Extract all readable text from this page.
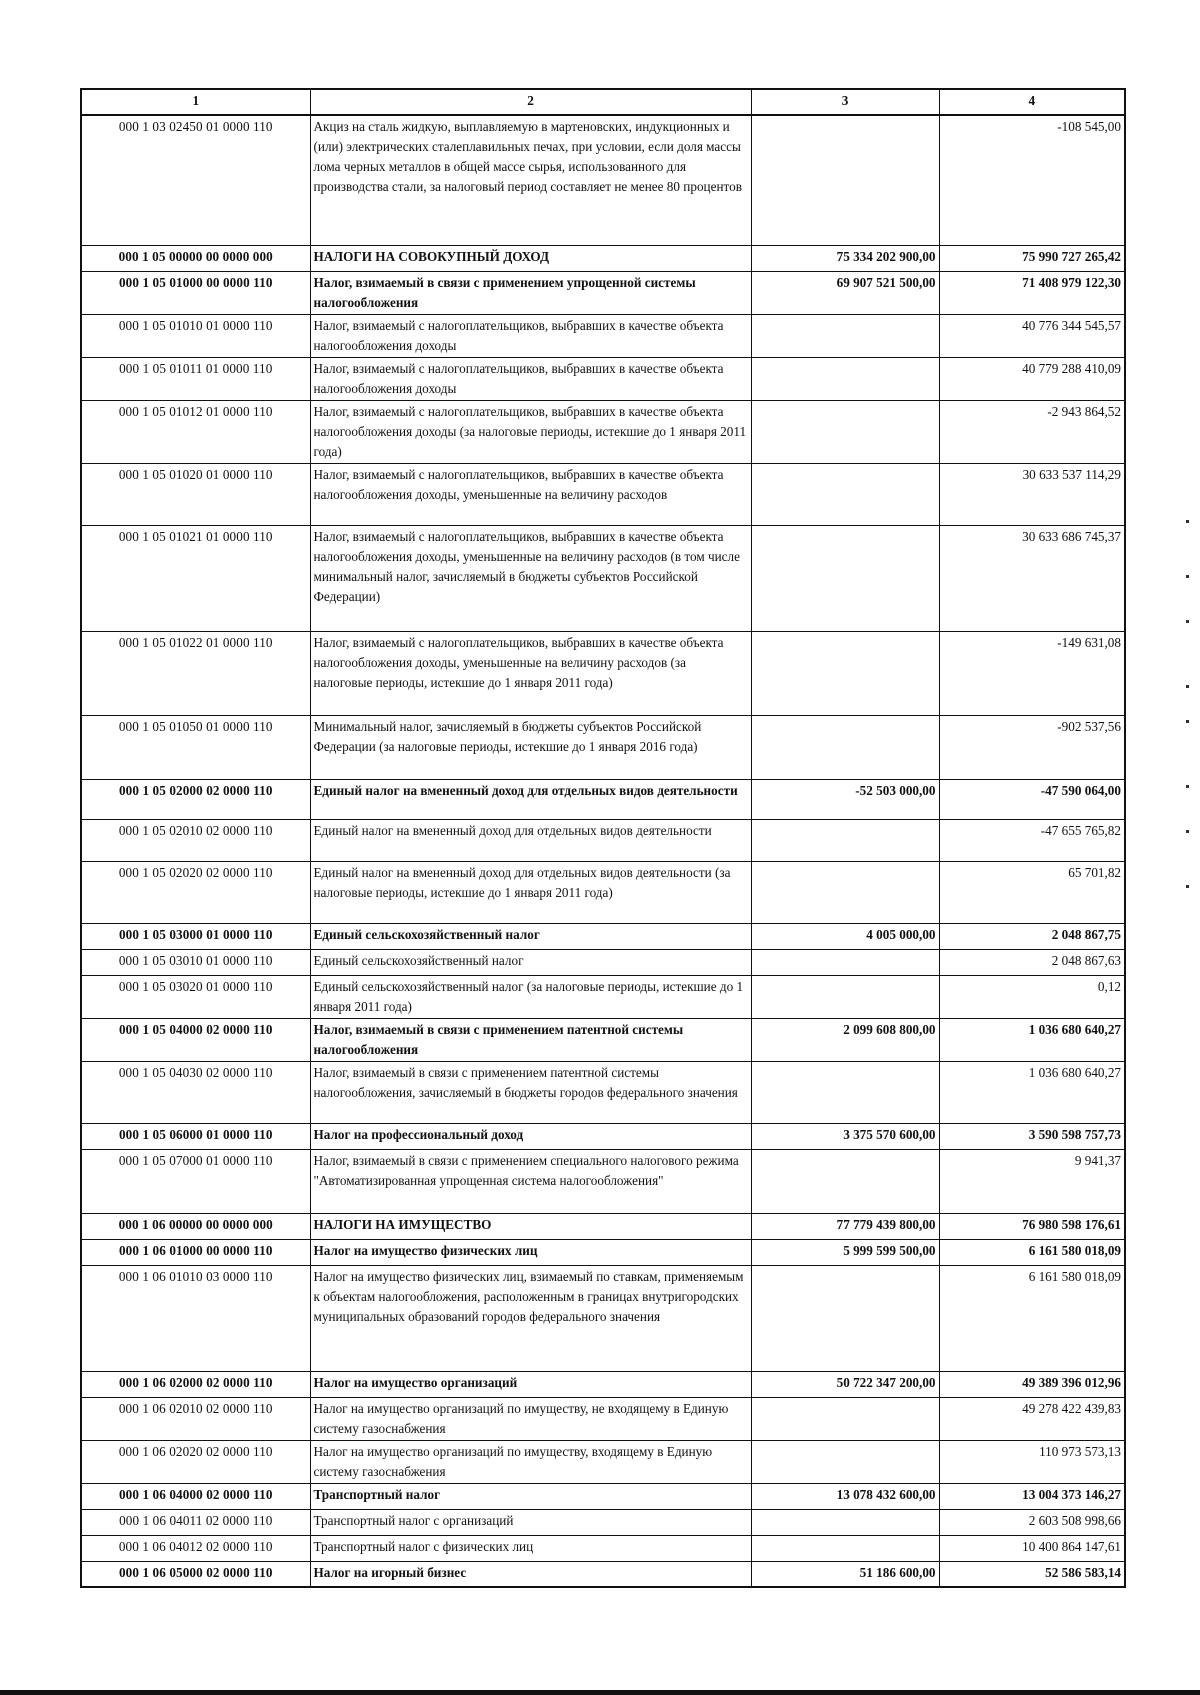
1	2	3	4
000 1 03 02450 01 0000 110	Акциз на сталь жидкую, выплавляемую в мартеновских, индукционных и (или) электрических сталеплавильных печах, при условии, если доля массы лома черных металлов в общей массе сырья, использованного для производства стали, за налоговый период составляет не менее 80 процентов		-108 545,00
000 1 05 00000 00 0000 000	НАЛОГИ НА СОВОКУПНЫЙ ДОХОД	75 334 202 900,00	75 990 727 265,42
000 1 05 01000 00 0000 110	Налог, взимаемый в связи с применением упрощенной системы налогообложения	69 907 521 500,00	71 408 979 122,30
000 1 05 01010 01 0000 110	Налог, взимаемый с налогоплательщиков, выбравших в качестве объекта налогообложения доходы		40 776 344 545,57
000 1 05 01011 01 0000 110	Налог, взимаемый с налогоплательщиков, выбравших в качестве объекта налогообложения доходы		40 779 288 410,09
000 1 05 01012 01 0000 110	Налог, взимаемый с налогоплательщиков, выбравших в качестве объекта налогообложения доходы (за налоговые периоды, истекшие до 1 января 2011 года)		-2 943 864,52
000 1 05 01020 01 0000 110	Налог, взимаемый с налогоплательщиков, выбравших в качестве объекта налогообложения доходы, уменьшенные на величину расходов		30 633 537 114,29
000 1 05 01021 01 0000 110	Налог, взимаемый с налогоплательщиков, выбравших в качестве объекта налогообложения доходы, уменьшенные на величину расходов (в том числе минимальный налог, зачисляемый в бюджеты субъектов Российской Федерации)		30 633 686 745,37
000 1 05 01022 01 0000 110	Налог, взимаемый с налогоплательщиков, выбравших в качестве объекта налогообложения доходы, уменьшенные на величину расходов (за налоговые периоды, истекшие до 1 января 2011 года)		-149 631,08
000 1 05 01050 01 0000 110	Минимальный налог, зачисляемый в бюджеты субъектов Российской Федерации (за налоговые периоды, истекшие до 1 января 2016 года)		-902 537,56
000 1 05 02000 02 0000 110	Единый налог на вмененный доход для отдельных видов деятельности	-52 503 000,00	-47 590 064,00
000 1 05 02010 02 0000 110	Единый налог на вмененный доход для отдельных видов деятельности		-47 655 765,82
000 1 05 02020 02 0000 110	Единый налог на вмененный доход для отдельных видов деятельности (за налоговые периоды, истекшие до 1 января 2011 года)		65 701,82
000 1 05 03000 01 0000 110	Единый сельскохозяйственный налог	4 005 000,00	2 048 867,75
000 1 05 03010 01 0000 110	Единый сельскохозяйственный налог		2 048 867,63
000 1 05 03020 01 0000 110	Единый сельскохозяйственный налог (за налоговые периоды, истекшие до 1 января 2011 года)		0,12
000 1 05 04000 02 0000 110	Налог, взимаемый в связи с применением патентной системы налогообложения	2 099 608 800,00	1 036 680 640,27
000 1 05 04030 02 0000 110	Налог, взимаемый в связи с применением патентной системы налогообложения, зачисляемый в бюджеты городов федерального значения		1 036 680 640,27
000 1 05 06000 01 0000 110	Налог на профессиональный доход	3 375 570 600,00	3 590 598 757,73
000 1 05 07000 01 0000 110	Налог, взимаемый в связи с применением специального налогового режима "Автоматизированная упрощенная система налогообложения"		9 941,37
000 1 06 00000 00 0000 000	НАЛОГИ НА ИМУЩЕСТВО	77 779 439 800,00	76 980 598 176,61
000 1 06 01000 00 0000 110	Налог на имущество физических лиц	5 999 599 500,00	6 161 580 018,09
000 1 06 01010 03 0000 110	Налог на имущество физических лиц, взимаемый по ставкам, применяемым к объектам налогообложения, расположенным в границах внутригородских муниципальных образований городов федерального значения		6 161 580 018,09
000 1 06 02000 02 0000 110	Налог на имущество организаций	50 722 347 200,00	49 389 396 012,96
000 1 06 02010 02 0000 110	Налог на имущество организаций по имуществу, не входящему в Единую систему газоснабжения		49 278 422 439,83
000 1 06 02020 02 0000 110	Налог на имущество организаций по имуществу, входящему в Единую систему газоснабжения		110 973 573,13
000 1 06 04000 02 0000 110	Транспортный налог	13 078 432 600,00	13 004 373 146,27
000 1 06 04011 02 0000 110	Транспортный налог с организаций		2 603 508 998,66
000 1 06 04012 02 0000 110	Транспортный налог с физических лиц		10 400 864 147,61
000 1 06 05000 02 0000 110	Налог на игорный бизнес	51 186 600,00	52 586 583,14
